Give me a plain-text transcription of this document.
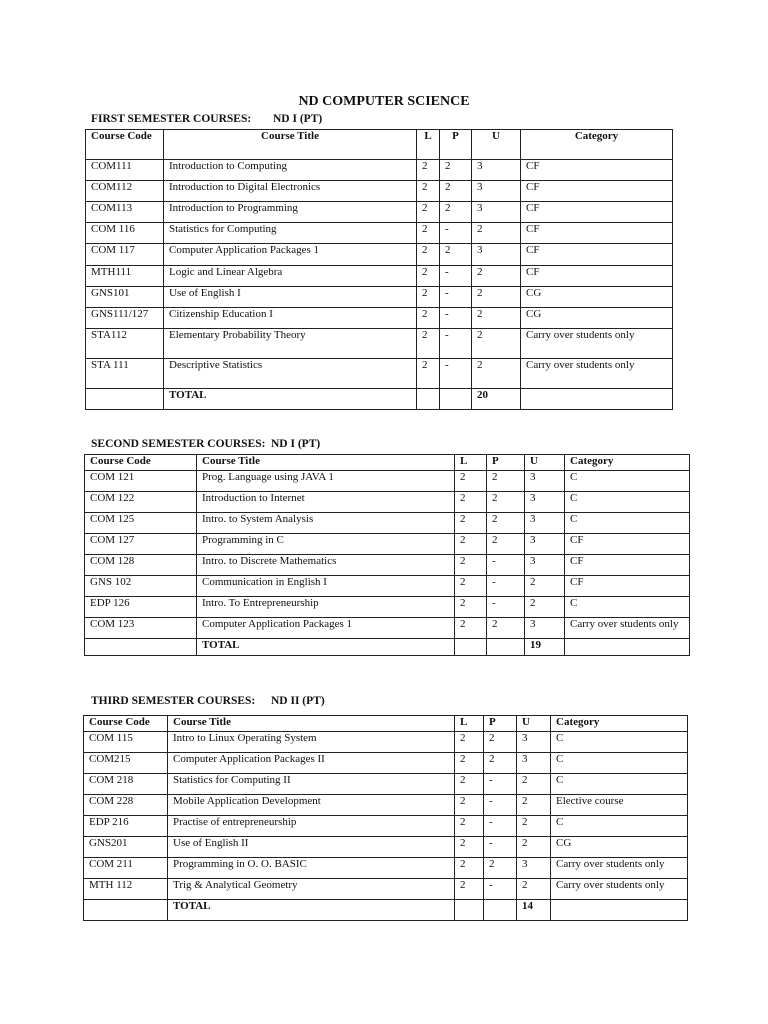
ND COMPUTER SCIENCE
FIRST SEMESTER COURSES: ND I (PT)
Course Code	Course Title	L	P	U	Category
COM111	Introduction to Computing	2	2	3	CF
COM112	Introduction to Digital Electronics	2	2	3	CF
COM113	Introduction to Programming	2	2	3	CF
COM 116	Statistics for Computing	2	-	2	CF
COM 117	Computer Application Packages 1	2	2	3	CF
MTH111	Logic and Linear Algebra	2	-	2	CF
GNS101	Use of English I	2	-	2	CG
GNS111/127	Citizenship Education I	2	-	2	CG
STA112	Elementary Probability Theory	2	-	2	Carry over students only
STA 111	Descriptive Statistics	2	-	2	Carry over students only
	TOTAL			20	
SECOND SEMESTER COURSES: ND I (PT)
Course Code	Course Title	L	P	U	Category
COM 121	Prog. Language using JAVA 1	2	2	3	C
COM 122	Introduction to Internet	2	2	3	C
COM 125	Intro. to System Analysis	2	2	3	C
COM 127	Programming in C	2	2	3	CF
COM 128	Intro. to Discrete Mathematics	2	-	3	CF
GNS 102	Communication in English I	2	-	2	CF
EDP 126	Intro. To Entrepreneurship	2	-	2	C
COM 123	Computer Application Packages 1	2	2	3	Carry over students only
	TOTAL			19	
THIRD SEMESTER COURSES: ND II (PT)
Course Code	Course Title	L	P	U	Category
COM 115	Intro to Linux Operating System	2	2	3	C
COM215	Computer Application Packages II	2	2	3	C
COM 218	Statistics for Computing II	2	-	2	C
COM 228	Mobile Application Development	2	-	2	Elective course
EDP 216	Practise of entrepreneurship	2	-	2	C
GNS201	Use of English II	2	-	2	CG
COM 211	Programming in O. O. BASIC	2	2	3	Carry over students only
MTH 112	Trig & Analytical Geometry	2	-	2	Carry over students only
	TOTAL			14	
